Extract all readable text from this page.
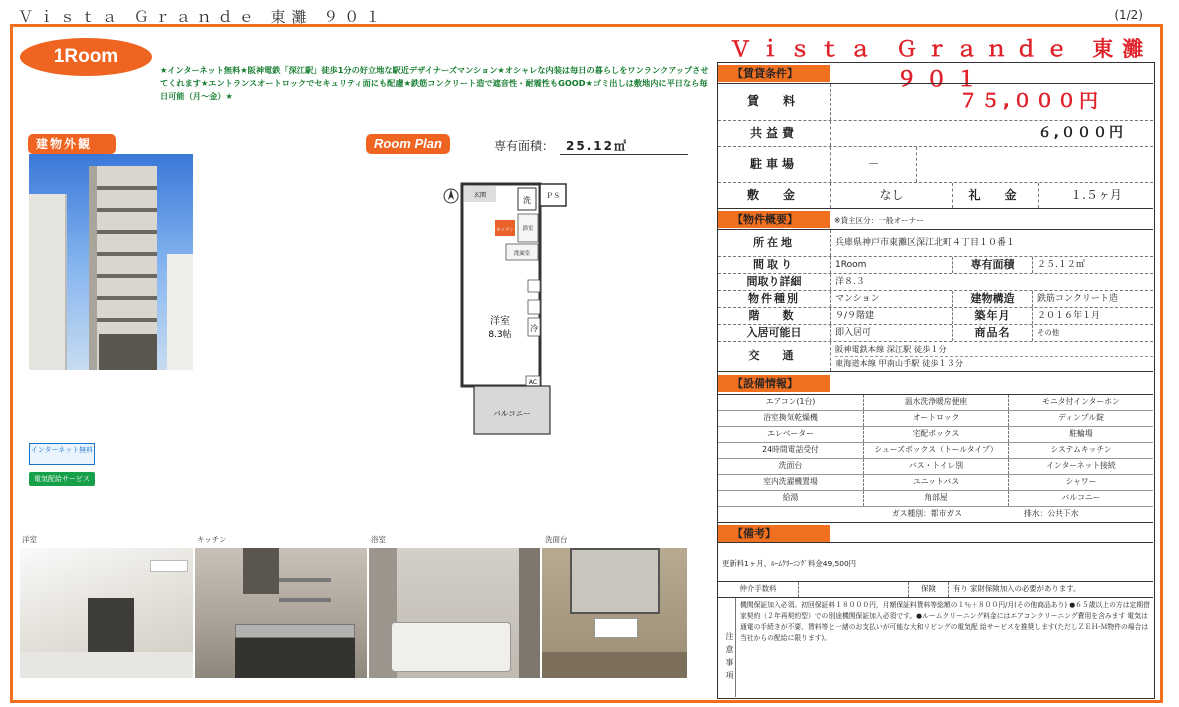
Ｖｉｓｔａ Ｇｒａｎｄｅ 東灘 ９０１	(1/2)
1Room
★インターネット無料★阪神電鉄「深江駅」徒歩1分の好立地な駅近デザイナーズマンション★オシャレな内装は毎日の暮らしをワンランクアップさせてくれます★エントランスオートロックでセキュリティ面にも配慮★鉄筋コンクリート造で遮音性・耐震性もGOOD★ゴミ出しは敷地内に平日なら毎日可能（月～金）★
建物外観	Room Plan	専有面積： 25.12㎡
ＰＳ
玄関
洗
キッチン 浴室
洗面室
冷
洋室
8.3帖
AC
バルコニー
インターネット無料
電気配給サービス
洋室	キッチン	浴室	洗面台
Ｖｉｓｔａ Ｇｒａｎｄｅ 東灘 ９０１
【賃貸条件】
賃　料	７５,０００円
共益費	６,０００円
駐車場	－
敷　金	なし	礼　金	１.５ヶ月
【物件概要】	※貸主区分：一般オーナー
所在地	兵庫県神戸市東灘区深江北町４丁目１０番１
間取り	1Room	専有面積	２５.１２㎡
間取り詳細	洋８.３
物件種別	マンション	建物構造	鉄筋コンクリート造
階　数	９/９階建	築年月	２０１６年１月
入居可能日	即入居可	商品名	その他
交　通
阪神電鉄本線 深江駅 徒歩１分
東海道本線 甲南山手駅 徒歩１３分
【設備情報】
エアコン(1台)	温水洗浄暖房便座	モニタ付インターホン
浴室換気乾燥機	オートロック	ディンプル錠
エレベーター	宅配ボックス	駐輪場
24時間電話受付	シューズボックス（トールタイプ）	システムキッチン
洗面台	バス・トイレ別	インターネット接続
室内洗濯機置場	ユニットバス	シャワー
給湯	角部屋	バルコニー
ガス種別：都市ガス	排水：公共下水
【備考】
更新料1ヶ月、ﾙｰﾑｸﾘｰﾆﾝｸﾞ料金49,500円
仲介手数料	保険	有り 家財保険加入の必要があります。
注意事項
機関保証加入必須。初回保証料１８０００円，月額保証料賃料等総額の１％＋８００円/月(その他商品あり) ●６５歳以上の方は定期借家契約（２年再契約型）での別途機関保証加入必須です。●ルームクリーニング料金にはエアコンクリーニング費用を含みます 電気は通電の手続きが不要、賃料等と一緒のお支払いが可能な大和リビングの電気配 給サービスを推奨します(ただしＺＥＨ-Ｍ物件の場合は当社からの配給に限ります)。
